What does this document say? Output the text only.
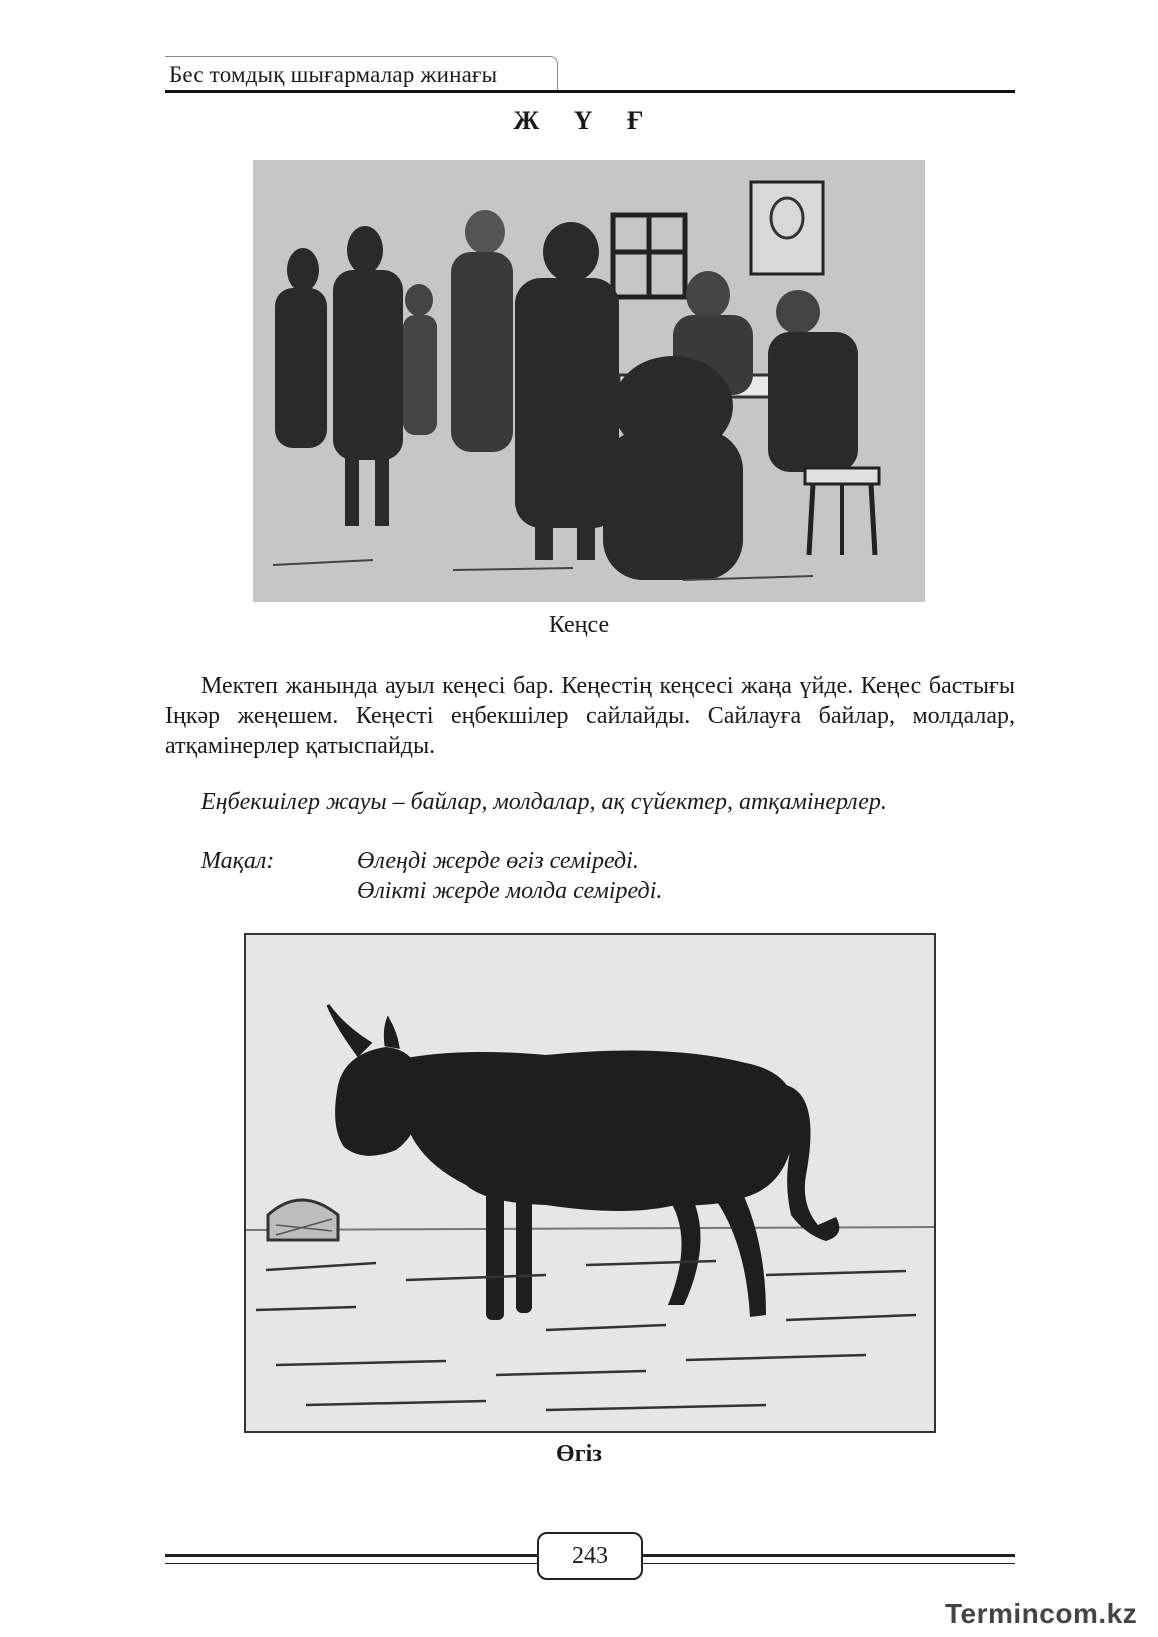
Бес томдық шығармалар жинағы
Ж Ү Ғ
Кеңсе
Мектеп жанында ауыл кеңесі бар. Кеңестің кеңсесі жаңа үйде. Кеңес бастығы Іңкәр жеңешем. Кеңесті еңбекшілер сайлайды. Сайлауға байлар, молдалар, атқамінерлер қатыспайды.
Еңбекшілер жауы – байлар, молдалар, ақ сүйектер, атқамінерлер.
Мақал:	Өлеңді жерде өгіз семіреді.
Өлікті жерде молда семіреді.
Өгіз
243
Termincom.kz
